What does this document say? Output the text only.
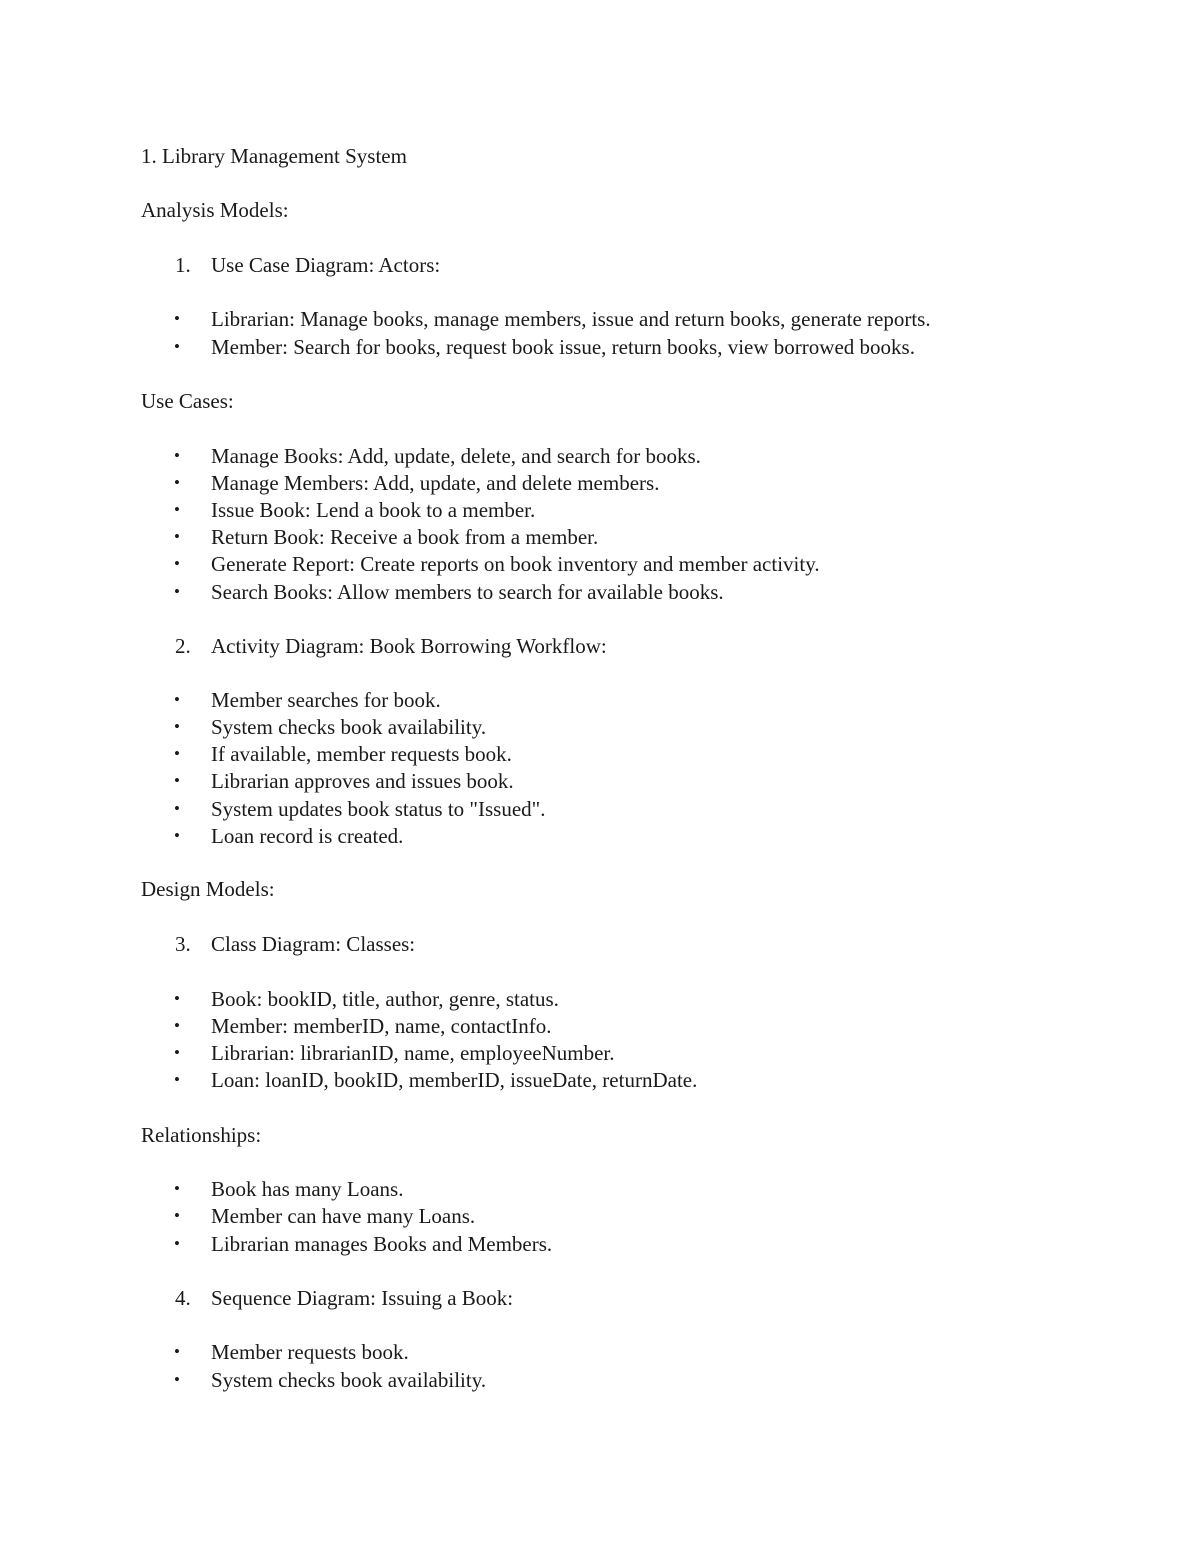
1. Library Management System
Analysis Models:
1. Use Case Diagram: Actors:
• Librarian: Manage books, manage members, issue and return books, generate reports.
• Member: Search for books, request book issue, return books, view borrowed books.
Use Cases:
• Manage Books: Add, update, delete, and search for books.
• Manage Members: Add, update, and delete members.
• Issue Book: Lend a book to a member.
• Return Book: Receive a book from a member.
• Generate Report: Create reports on book inventory and member activity.
• Search Books: Allow members to search for available books.
2. Activity Diagram: Book Borrowing Workflow:
• Member searches for book.
• System checks book availability.
• If available, member requests book.
• Librarian approves and issues book.
• System updates book status to "Issued".
• Loan record is created.
Design Models:
3. Class Diagram: Classes:
• Book: bookID, title, author, genre, status.
• Member: memberID, name, contactInfo.
• Librarian: librarianID, name, employeeNumber.
• Loan: loanID, bookID, memberID, issueDate, returnDate.
Relationships:
• Book has many Loans.
• Member can have many Loans.
• Librarian manages Books and Members.
4. Sequence Diagram: Issuing a Book:
• Member requests book.
• System checks book availability.
